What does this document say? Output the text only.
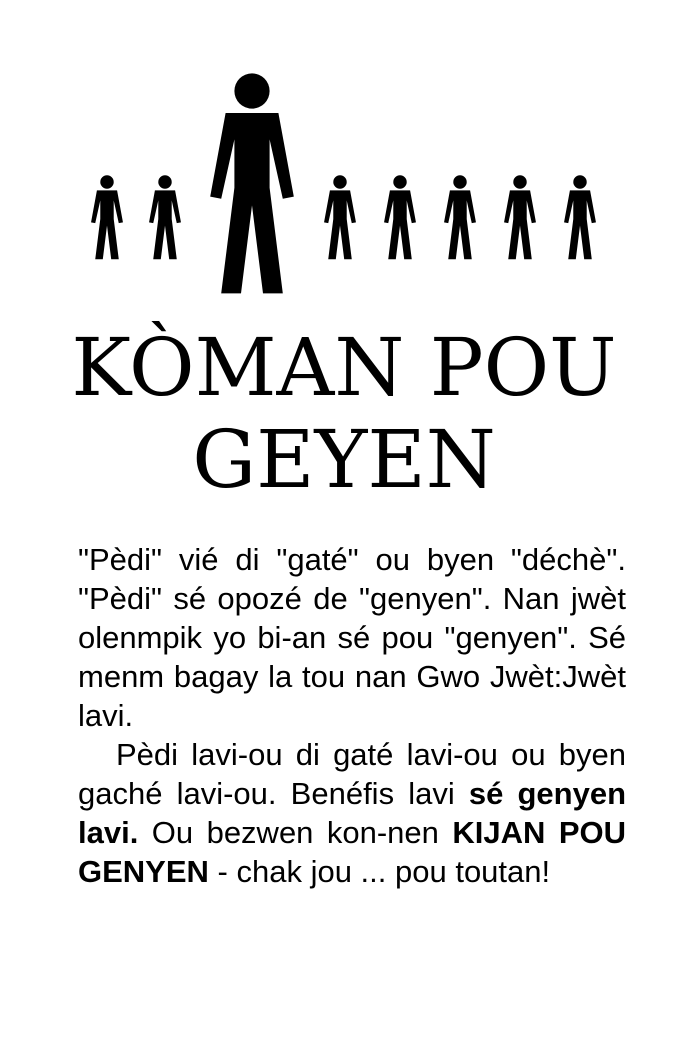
KÒMAN POU
GEYEN

"Pèdi" vié di "gaté" ou byen "déchè". "Pèdi" sé opozé de "genyen". Nan jwèt olenmpik yo bi-an sé pou "genyen". Sé menm bagay la tou nan Gwo Jwèt:Jwèt lavi.

Pèdi lavi-ou di gaté lavi-ou ou byen gaché lavi-ou. Benéfis lavi sé genyen lavi. Ou bezwen kon-nen KIJAN POU GENYEN - chak jou ... pou toutan!
